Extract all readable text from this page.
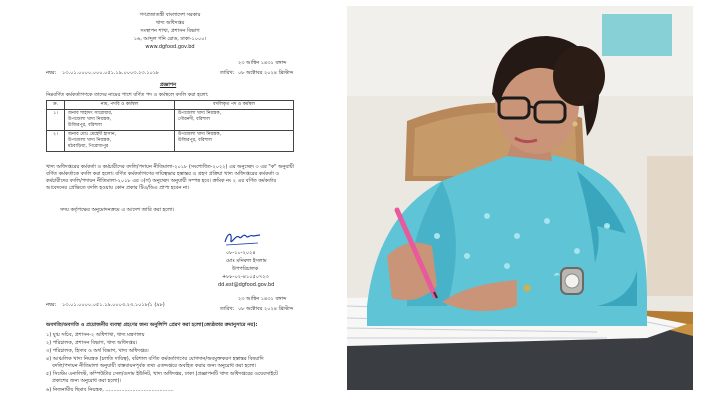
গণপ্রজাতন্ত্রী বাংলাদেশ সরকার
খাদ্য অধিদপ্তর
সংস্থাপন শাখা, প্রশাসন বিভাগ
১৬, আব্দুল গনি রোড, ঢাকা-১০০০।
www.dgfood.gov.bd
২৩ আশ্বিন ১৪৩১ বঙ্গাব্দ
তারিখ: ০৮ অক্টোবর ২০২৪ খ্রিস্টাব্দ
নম্বর: ১৩.০১.০০০০.০০০.০৫১.১৯.০০০৩.২৩.১০১৮
প্রজ্ঞাপন
নিম্নবর্ণিত কর্মকর্তাগণকে তাদের নামের পাশে বর্ণিত পদ ও কর্মস্থলে বদলি করা হলো:
ক্র.	নাম, পদবি ও কর্মস্থল	বদলিকৃত পদ ও কর্মস্থল
১।	জনাব শাহাদৎ সারোয়ার,
উপজেলা খাদ্য নিয়ন্ত্রক,
উজিরপুর, বরিশাল	উপজেলা খাদ্য নিয়ন্ত্রক,
গৌরনদী, বরিশাল
২।	জনাব মোঃ মেহেদী হাসান,
উপজেলা খাদ্য নিয়ন্ত্রক,
মঠবাড়িয়া, পিরোজপুর	উপজেলা খাদ্য নিয়ন্ত্রক,
উজিরপুর, বরিশাল
খাদ্য অধিদপ্তরের কর্মকর্তা ও কর্মচারীদের বদলি/পদায়ন নীতিমালা-২০১৮ (সংশোধিত-২০২২) এর অনুচ্ছেদ ৩ এর "ক" অনুযায়ী বর্ণিত কর্মকর্তাকে বদলি করা হলো। বর্ণিত কর্মকর্তাগণের দায়িত্বভার হস্তান্তর ও গ্রহণ প্রক্রিয়া খাদ্য অধিদপ্তরের কর্মকর্তা ও কর্মচারীদের বদলি/পদায়ন নীতিমালা-২০১৮ এর ৩(গ) অনুচ্ছেদ অনুযায়ী সম্পন্ন হবে। ক্রমিক নং ২ এর বর্ণিত কর্মকর্তার আবেদনের প্রেক্ষিতে বদলি হওয়ায় কোন প্রকার টিএ/ডিএ প্রাপ্য হবেন না।
সদয় কর্তৃপক্ষের অনুমোদনক্রমে এ আদেশ জারি করা হলো।
০৮-১০-২০২৪
মোঃ মনিরুল ইসলাম
উপপরিচালক
+৮৮-০২-৪১০৫০৭২৩
dd.est@dgfood.gov.bd
২৩ আশ্বিন ১৪৩১ বঙ্গাব্দ
তারিখ: ০৮ অক্টোবর ২০২৪ খ্রিস্টাব্দ
নম্বর: ১৩.০১.০০০০.০৫১.১৯.০০০৩.২৩.১০১৮/১ (৯৮)
অবগতি/অবগতি ও প্রয়োজনীয় ব্যবস্থা গ্রহণের জন্য অনুলিপি প্রেরণ করা হলো(জ্যেষ্ঠতার ক্রমানুসারে নয়):
১) যুগ্ম সচিব, প্রশাসন-২ অধিশাখা, খাদ্য মন্ত্রণালয়
২) পরিচালক, প্রশাসন বিভাগ, খাদ্য অধিদপ্তর।
৩) পরিচালক, হিসাব ও অর্থ বিভাগ, খাদ্য অধিদপ্তর।
৪) আঞ্চলিক খাদ্য নিয়ন্ত্রক (চলতি দায়িত্ব), বরিশাল বর্ণিত কর্মকর্তাগণের যোগদান/অবমুক্তকরণ হস্তান্তর বিষয়াদি
বদলি/পদায়ন নীতিমালা অনুযায়ী বাস্তবায়নপূর্বক তথ্য এতদ্দপ্তরে অবহিত করার জন্য অনুরোধ করা হলো।
৫) সিস্টেম এনালিস্ট, কম্পিউটার সেল/গুদাম ইউনিট, খাদ্য অধিদপ্তর, ঢাকা (প্রজ্ঞাপনটি খাদ্য অধিদপ্তরের ওয়েবসাইটে
প্রকাশের জন্য অনুরোধ করা হলো)।
৬) নিজনামীয় ছিমাব নিয়ন্ত্রক, ...........................................
